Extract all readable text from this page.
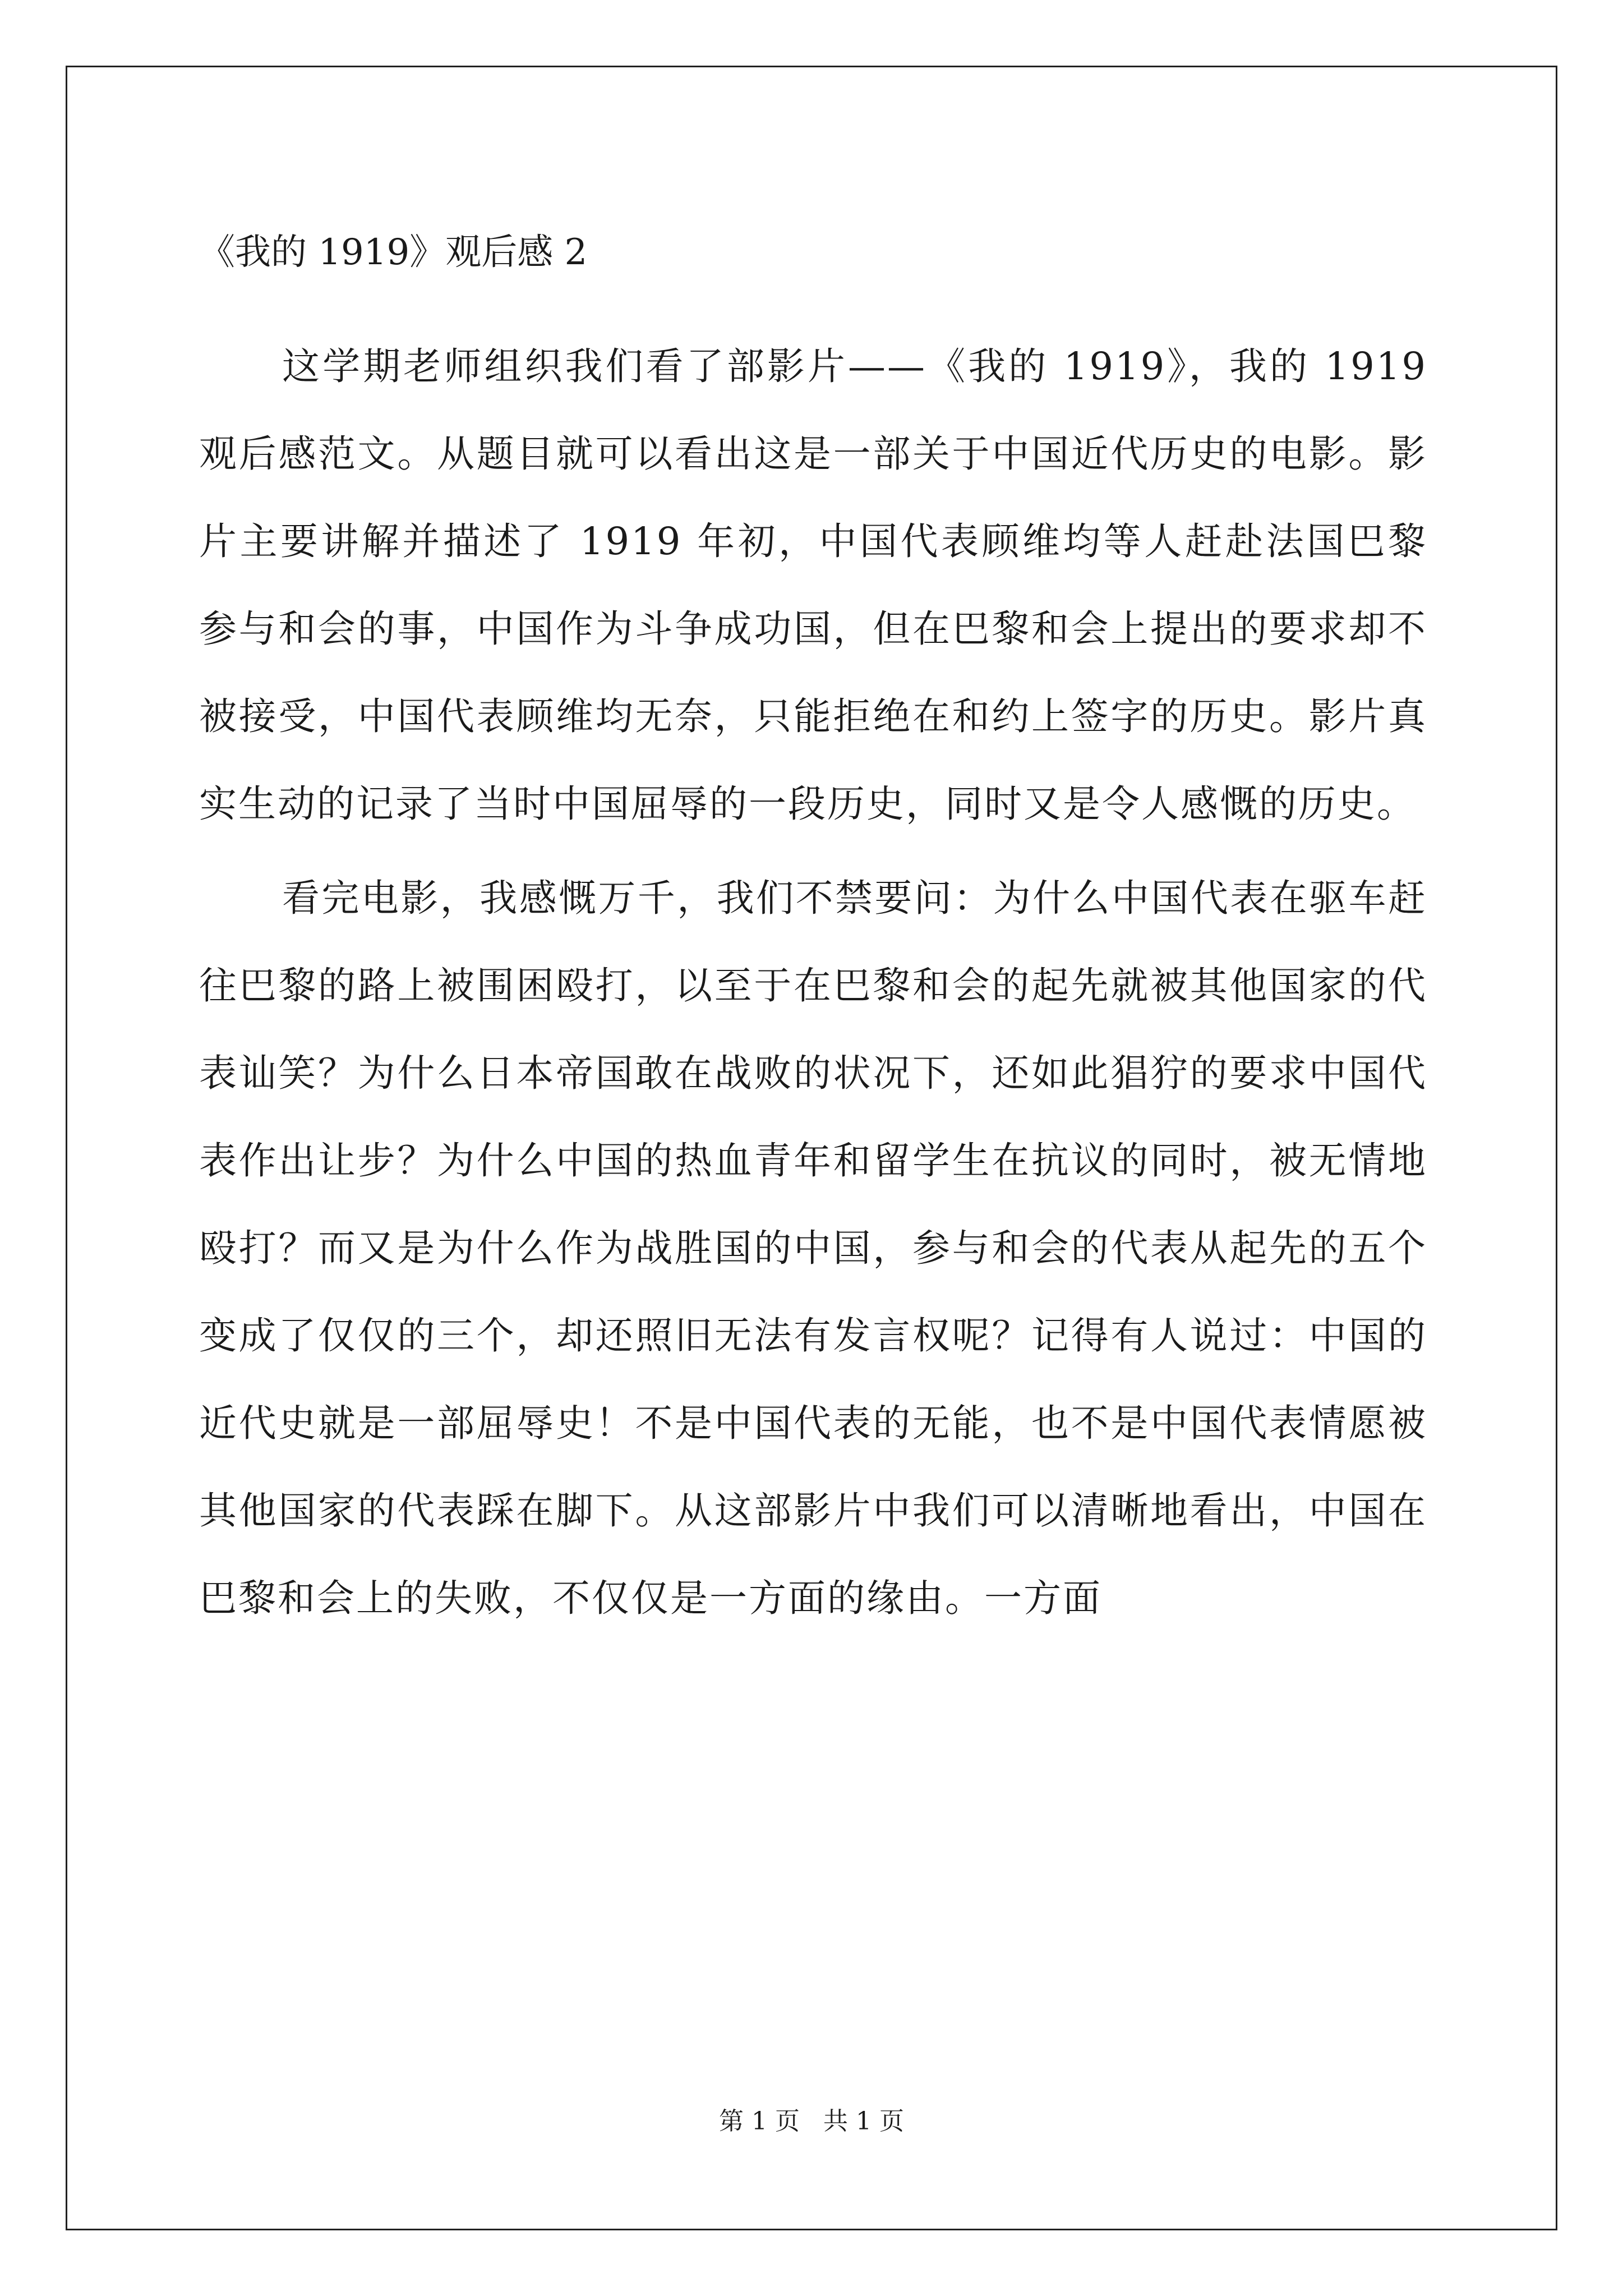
《我的 1919》观后感 2

这学期老师组织我们看了部影片——《我的 1919》，我的 1919 观后感范文。从题目就可以看出这是一部关于中国近代历史的电影。影片主要讲解并描述了 1919 年初，中国代表顾维均等人赶赴法国巴黎参与和会的事，中国作为斗争成功国，但在巴黎和会上提出的要求却不被接受，中国代表顾维均无奈，只能拒绝在和约上签字的历史。影片真实生动的记录了当时中国屈辱的一段历史，同时又是令人感慨的历史。

看完电影，我感慨万千，我们不禁要问：为什么中国代表在驱车赶往巴黎的路上被围困殴打，以至于在巴黎和会的起先就被其他国家的代表讪笑？为什么日本帝国敢在战败的状况下，还如此猖狞的要求中国代表作出让步？为什么中国的热血青年和留学生在抗议的同时，被无情地殴打？而又是为什么作为战胜国的中国，参与和会的代表从起先的五个变成了仅仅的三个，却还照旧无法有发言权呢？记得有人说过：中国的近代史就是一部屈辱史！不是中国代表的无能，也不是中国代表情愿被其他国家的代表踩在脚下。从这部影片中我们可以清晰地看出，中国在巴黎和会上的失败，不仅仅是一方面的缘由。一方面

第 1 页   共 1 页
